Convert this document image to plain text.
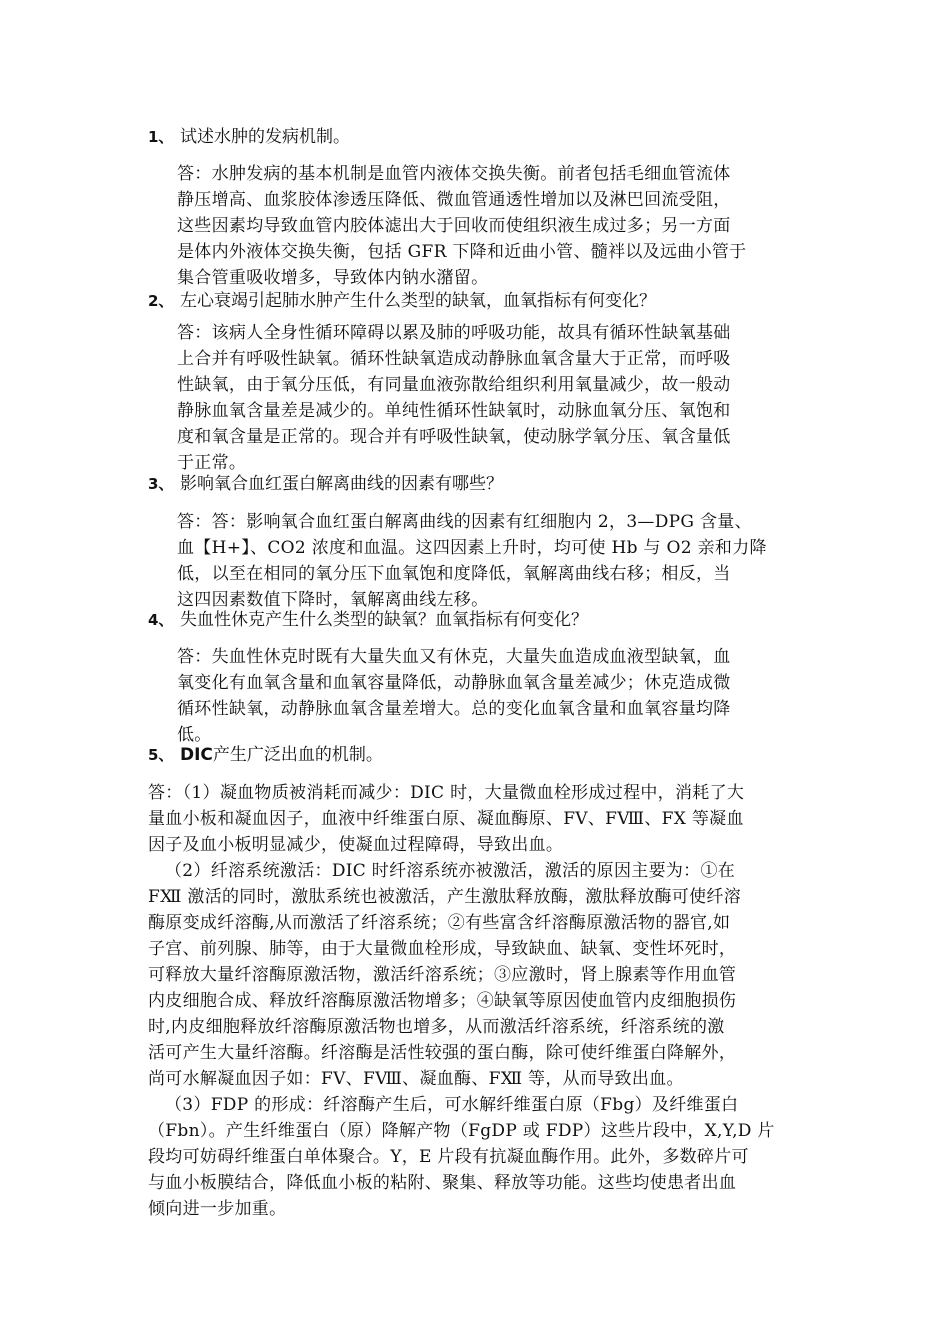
1、 试述水肿的发病机制。
答：水肿发病的基本机制是血管内液体交换失衡。前者包括毛细血管流体
静压增高、血浆胶体渗透压降低、微血管通透性增加以及淋巴回流受阻，
这些因素均导致血管内胶体滤出大于回收而使组织液生成过多；另一方面
是体内外液体交换失衡，包括 GFR 下降和近曲小管、髓袢以及远曲小管于
集合管重吸收增多，导致体内钠水潴留。
2、 左心衰竭引起肺水肿产生什么类型的缺氧，血氧指标有何变化？
答：该病人全身性循环障碍以累及肺的呼吸功能，故具有循环性缺氧基础
上合并有呼吸性缺氧。循环性缺氧造成动静脉血氧含量大于正常，而呼吸
性缺氧，由于氧分压低，有同量血液弥散给组织利用氧量减少，故一般动
静脉血氧含量差是减少的。单纯性循环性缺氧时，动脉血氧分压、氧饱和
度和氧含量是正常的。现合并有呼吸性缺氧，使动脉学氧分压、氧含量低
于正常。
3、 影响氧合血红蛋白解离曲线的因素有哪些？
答：答：影响氧合血红蛋白解离曲线的因素有红细胞内 2，3—DPG 含量、
血【H+】、CO2 浓度和血温。这四因素上升时，均可使 Hb 与 O2 亲和力降
低，以至在相同的氧分压下血氧饱和度降低，氧解离曲线右移；相反，当
这四因素数值下降时，氧解离曲线左移。
4、 失血性休克产生什么类型的缺氧？血氧指标有何变化？
答：失血性休克时既有大量失血又有休克，大量失血造成血液型缺氧，血
氧变化有血氧含量和血氧容量降低，动静脉血氧含量差减少；休克造成微
循环性缺氧，动静脉血氧含量差增大。总的变化血氧含量和血氧容量均降
低。
5、 DIC产生广泛出血的机制。
答：（1）凝血物质被消耗而减少：DIC 时，大量微血栓形成过程中，消耗了大
量血小板和凝血因子，血液中纤维蛋白原、凝血酶原、FⅤ、FⅧ、FⅩ 等凝血
因子及血小板明显减少，使凝血过程障碍，导致出血。
（2）纤溶系统激活：DIC 时纤溶系统亦被激活，激活的原因主要为：①在
FⅫ 激活的同时，激肽系统也被激活，产生激肽释放酶，激肽释放酶可使纤溶
酶原变成纤溶酶,从而激活了纤溶系统；②有些富含纤溶酶原激活物的器官,如
子宫、前列腺、肺等，由于大量微血栓形成，导致缺血、缺氧、变性坏死时，
可释放大量纤溶酶原激活物，激活纤溶系统；③应激时，肾上腺素等作用血管
内皮细胞合成、释放纤溶酶原激活物增多；④缺氧等原因使血管内皮细胞损伤
时,内皮细胞释放纤溶酶原激活物也增多，从而激活纤溶系统，纤溶系统的激
活可产生大量纤溶酶。纤溶酶是活性较强的蛋白酶，除可使纤维蛋白降解外，
尚可水解凝血因子如：FⅤ、FⅧ、凝血酶、FⅫ 等，从而导致出血。
（3）FDP 的形成：纤溶酶产生后，可水解纤维蛋白原（Fbg）及纤维蛋白
（Fbn）。产生纤维蛋白（原）降解产物（FgDP 或 FDP）这些片段中，X,Y,D 片
段均可妨碍纤维蛋白单体聚合。Y，E 片段有抗凝血酶作用。此外，多数碎片可
与血小板膜结合，降低血小板的粘附、聚集、释放等功能。这些均使患者出血
倾向进一步加重。
